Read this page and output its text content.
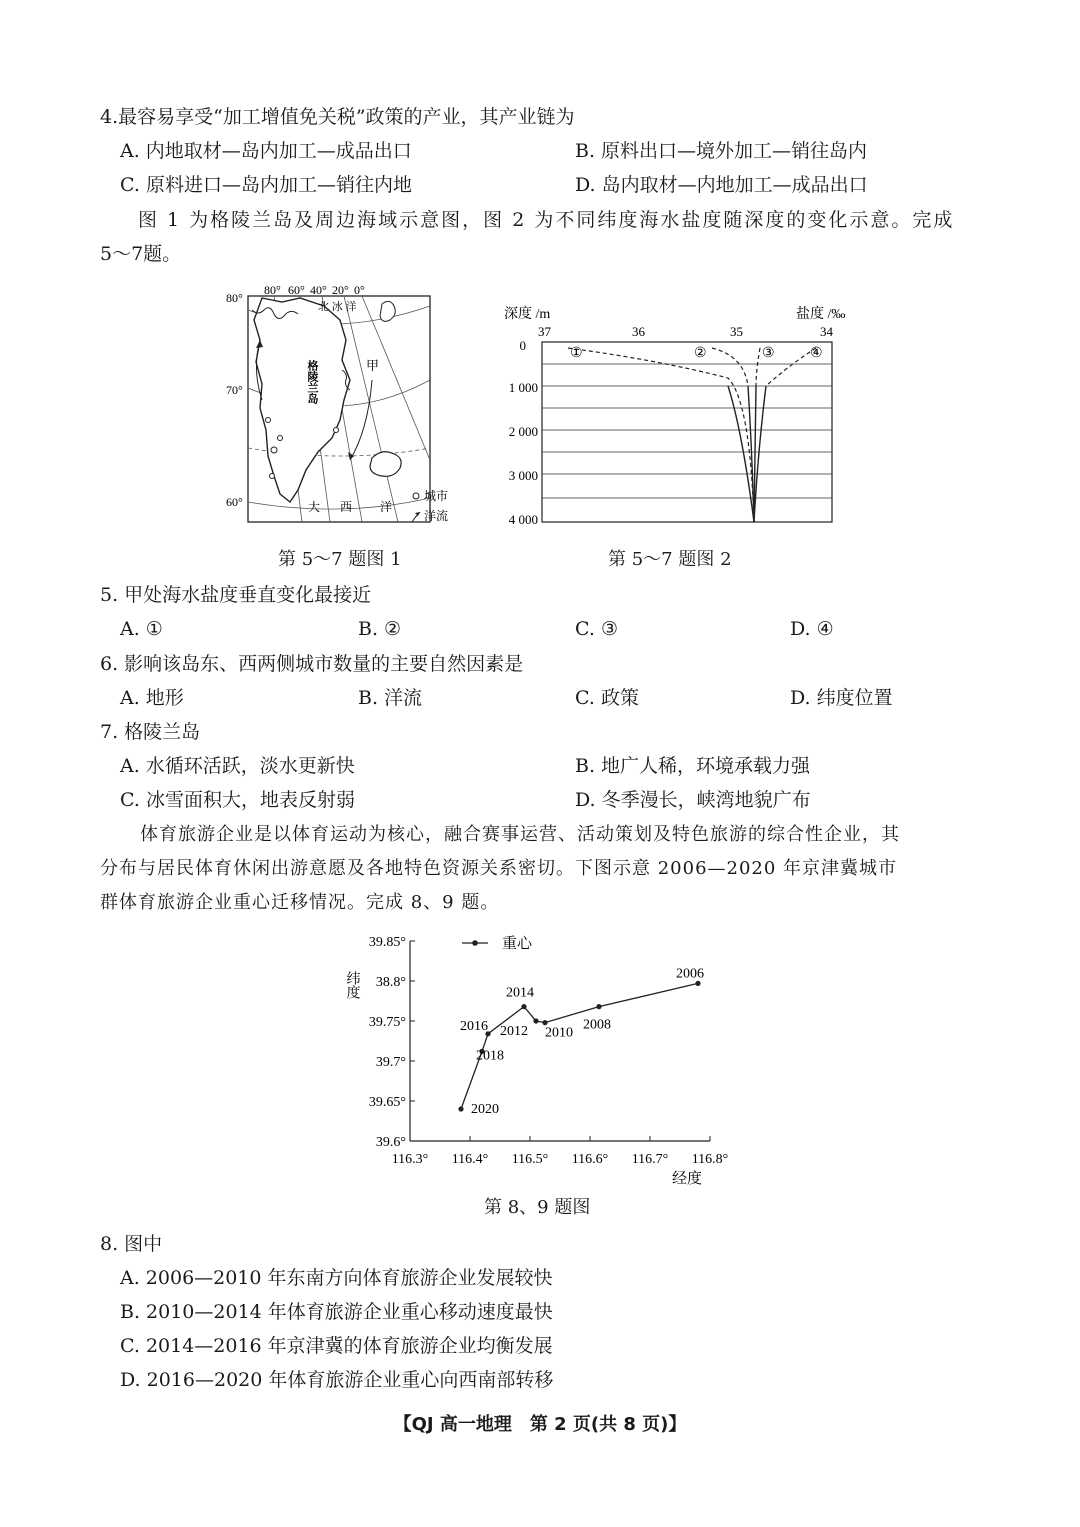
4.最容易享受“加工增值免关税”政策的产业，其产业链为
A. 内地取材—岛内加工—成品出口	B. 原料出口—境外加工—销往岛内
C. 原料进口—岛内加工—销往内地	D. 岛内取材—内地加工—成品出口
图 1 为格陵兰岛及周边海域示意图，图 2 为不同纬度海水盐度随深度的变化示意。完成
5～7题。
80° 60° 40° 20° 0°
80°
70°
60°
北 冰 洋
甲
格陵兰岛
大 西 洋
城市
洋流
第 5～7 题图 1
深度 /m	盐度 /‰
37	36	35	34
0
1 000
2 000
3 000
4 000
①	②	③	④
第 5～7 题图 2
5. 甲处海水盐度垂直变化最接近
A. ①	B. ②	C. ③	D. ④
6. 影响该岛东、西两侧城市数量的主要自然因素是
A. 地形	B. 洋流	C. 政策	D. 纬度位置
7. 格陵兰岛
A. 水循环活跃，淡水更新快	B. 地广人稀，环境承载力强
C. 冰雪面积大，地表反射弱	D. 冬季漫长，峡湾地貌广布
体育旅游企业是以体育运动为核心，融合赛事运营、活动策划及特色旅游的综合性企业，其
分布与居民体育休闲出游意愿及各地特色资源关系密切。下图示意 2006—2020 年京津冀城市
群体育旅游企业重心迁移情况。完成 8、9 题。
纬度
经度
重心
39.85°
38.8°
39.75°
39.7°
39.65°
39.6°
116.3° 116.4° 116.5° 116.6° 116.7° 116.8°
2006
2008
2010
2012
2014
2016
2018
2020
第 8、9 题图
8. 图中
A. 2006—2010 年东南方向体育旅游企业发展较快
B. 2010—2014 年体育旅游企业重心移动速度最快
C. 2014—2016 年京津冀的体育旅游企业均衡发展
D. 2016—2020 年体育旅游企业重心向西南部转移
【QJ 高一地理　第 2 页(共 8 页)】
